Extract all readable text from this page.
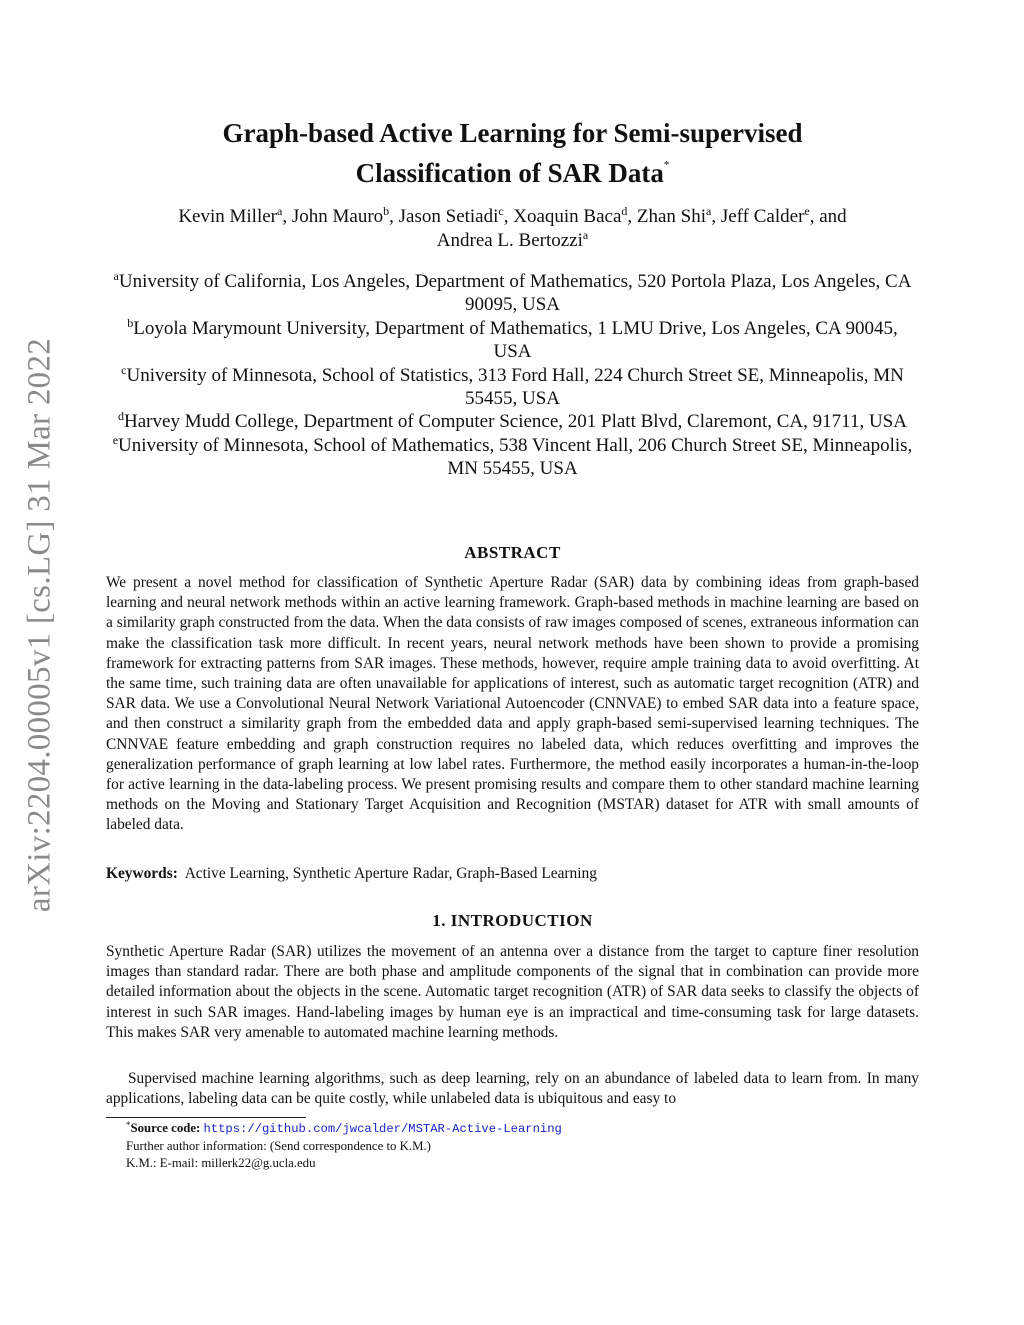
arXiv:2204.00005v1 [cs.LG] 31 Mar 2022
Graph-based Active Learning for Semi-supervised
Classification of SAR Data*
Kevin Miller$^a$, John Mauro$^b$, Jason Setiadi$^c$, Xoaquin Baca$^d$, Zhan Shi$^a$, Jeff Calder$^e$, and
Andrea L. Bertozzi$^a$

$^a$University of California, Los Angeles, Department of Mathematics, 520 Portola Plaza, Los Angeles, CA 90095, USA

$^b$Loyola Marymount University, Department of Mathematics, 1 LMU Drive, Los Angeles, CA 90045, USA

$^c$University of Minnesota, School of Statistics, 313 Ford Hall, 224 Church Street SE, Minneapolis, MN 55455, USA

$^d$Harvey Mudd College, Department of Computer Science, 201 Platt Blvd, Claremont, CA, 91711, USA

$^e$University of Minnesota, School of Mathematics, 538 Vincent Hall, 206 Church Street SE, Minneapolis, MN 55455, USA

ABSTRACT

We present a novel method for classification of Synthetic Aperture Radar (SAR) data by combining ideas from graph-based learning and neural network methods within an active learning framework. Graph-based methods in machine learning are based on a similarity graph constructed from the data. When the data consists of raw images composed of scenes, extraneous information can make the classification task more difficult. In recent years, neural network methods have been shown to provide a promising framework for extracting patterns from SAR images. These methods, however, require ample training data to avoid overfitting. At the same time, such training data are often unavailable for applications of interest, such as automatic target recognition (ATR) and SAR data. We use a Convolutional Neural Network Variational Autoencoder (CNNVAE) to embed SAR data into a feature space, and then construct a similarity graph from the embedded data and apply graph-based semi-supervised learning techniques. The CNNVAE feature embedding and graph construction requires no labeled data, which reduces overfitting and improves the generalization performance of graph learning at low label rates. Furthermore, the method easily incorporates a human-in-the-loop for active learning in the data-labeling process. We present promising results and compare them to other standard machine learning methods on the Moving and Stationary Target Acquisition and Recognition (MSTAR) dataset for ATR with small amounts of labeled data.

Keywords: Active Learning, Synthetic Aperture Radar, Graph-Based Learning

1. INTRODUCTION

Synthetic Aperture Radar (SAR) utilizes the movement of an antenna over a distance from the target to capture finer resolution images than standard radar. There are both phase and amplitude components of the signal that in combination can provide more detailed information about the objects in the scene. Automatic target recognition (ATR) of SAR data seeks to classify the objects of interest in such SAR images. Hand-labeling images by human eye is an impractical and time-consuming task for large datasets. This makes SAR very amenable to automated machine learning methods.

Supervised machine learning algorithms, such as deep learning, rely on an abundance of labeled data to learn from. In many applications, labeling data can be quite costly, while unlabeled data is ubiquitous and easy to

*Source code: https://github.com/jwcalder/MSTAR-Active-Learning

Further author information: (Send correspondence to K.M.)

K.M.: E-mail: millerk22@g.ucla.edu
